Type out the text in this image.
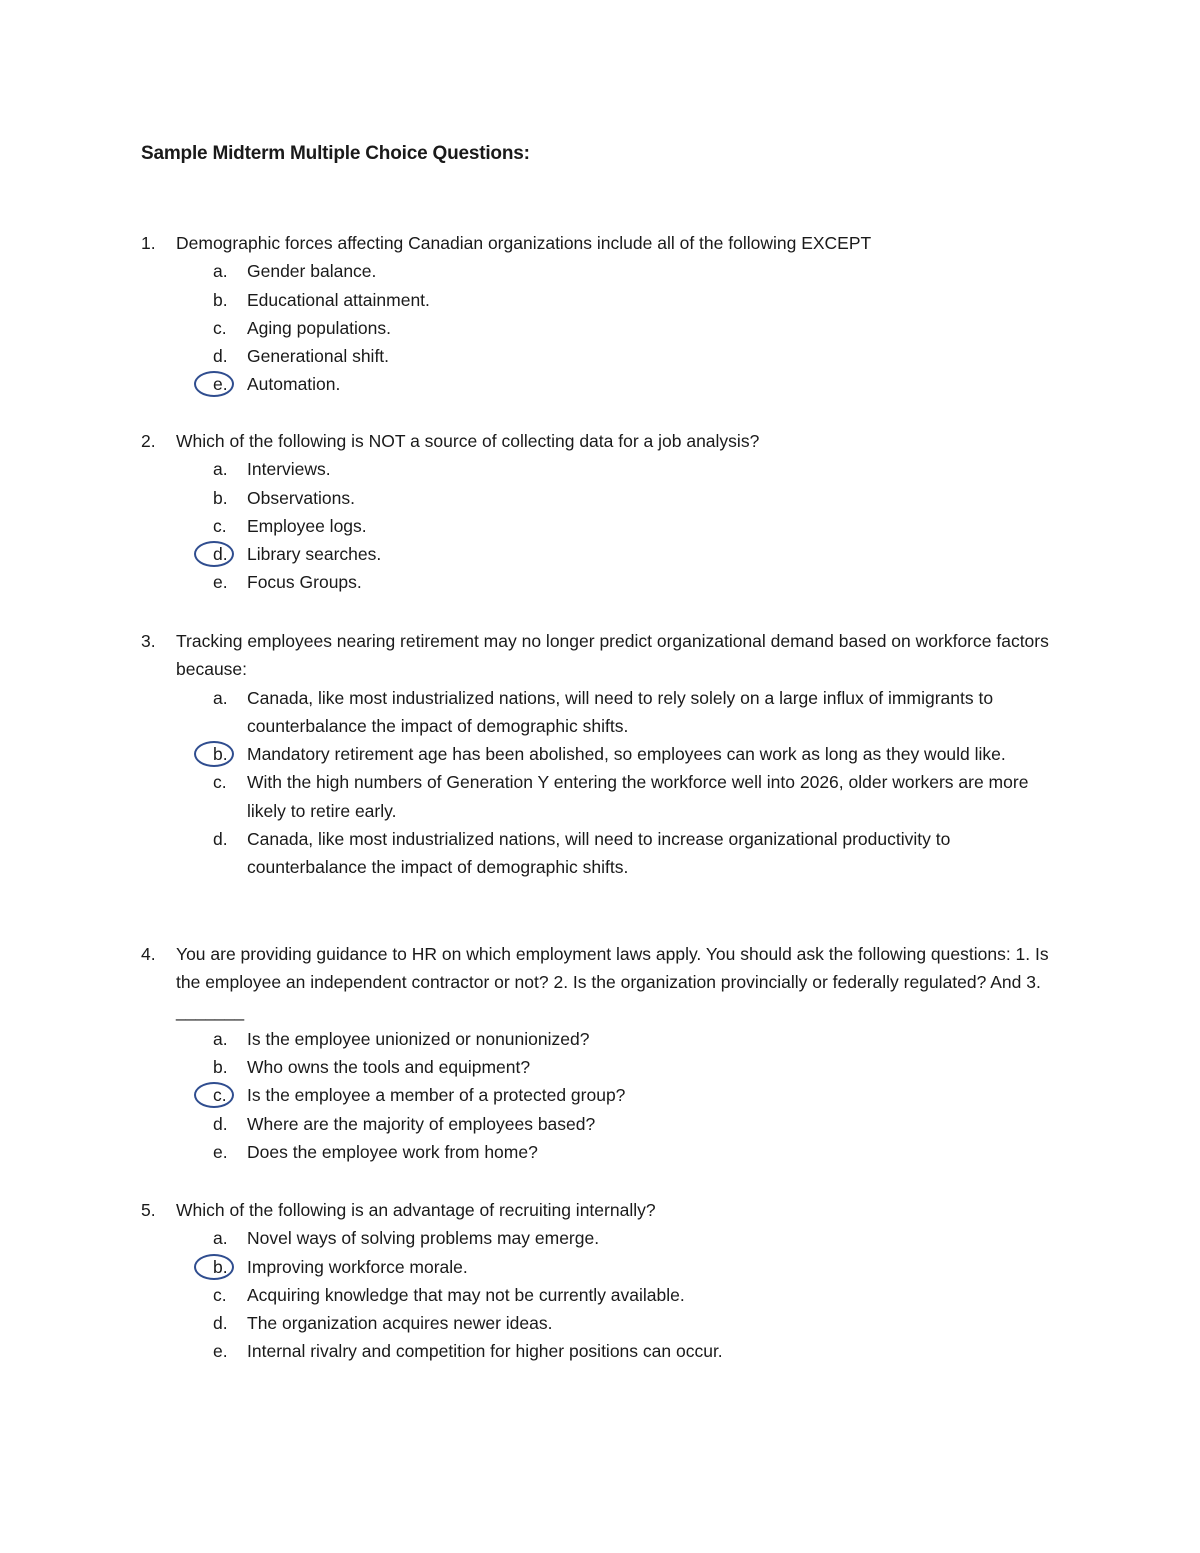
Sample Midterm Multiple Choice Questions:
1. Demographic forces affecting Canadian organizations include all of the following EXCEPT
a.	Gender balance.
b.	Educational attainment.
c.	Aging populations.
d.	Generational shift.
e.	Automation.
2. Which of the following is NOT a source of collecting data for a job analysis?
a.	Interviews.
b.	Observations.
c.	Employee logs.
d.	Library searches.
e.	Focus Groups.
3. Tracking employees nearing retirement may no longer predict organizational demand based on workforce factors because:
a.	Canada, like most industrialized nations, will need to rely solely on a large influx of immigrants to counterbalance the impact of demographic shifts.
b.	Mandatory retirement age has been abolished, so employees can work as long as they would like.
c.	With the high numbers of Generation Y entering the workforce well into 2026, older workers are more likely to retire early.
d.	Canada, like most industrialized nations, will need to increase organizational productivity to counterbalance the impact of demographic shifts.
4. You are providing guidance to HR on which employment laws apply. You should ask the following questions: 1. Is the employee an independent contractor or not? 2. Is the organization provincially or federally regulated? And 3. _______
a.	Is the employee unionized or nonunionized?
b.	Who owns the tools and equipment?
c.	Is the employee a member of a protected group?
d.	Where are the majority of employees based?
e.	Does the employee work from home?
5. Which of the following is an advantage of recruiting internally?
a.	Novel ways of solving problems may emerge.
b.	Improving workforce morale.
c.	Acquiring knowledge that may not be currently available.
d.	The organization acquires newer ideas.
e.	Internal rivalry and competition for higher positions can occur.
